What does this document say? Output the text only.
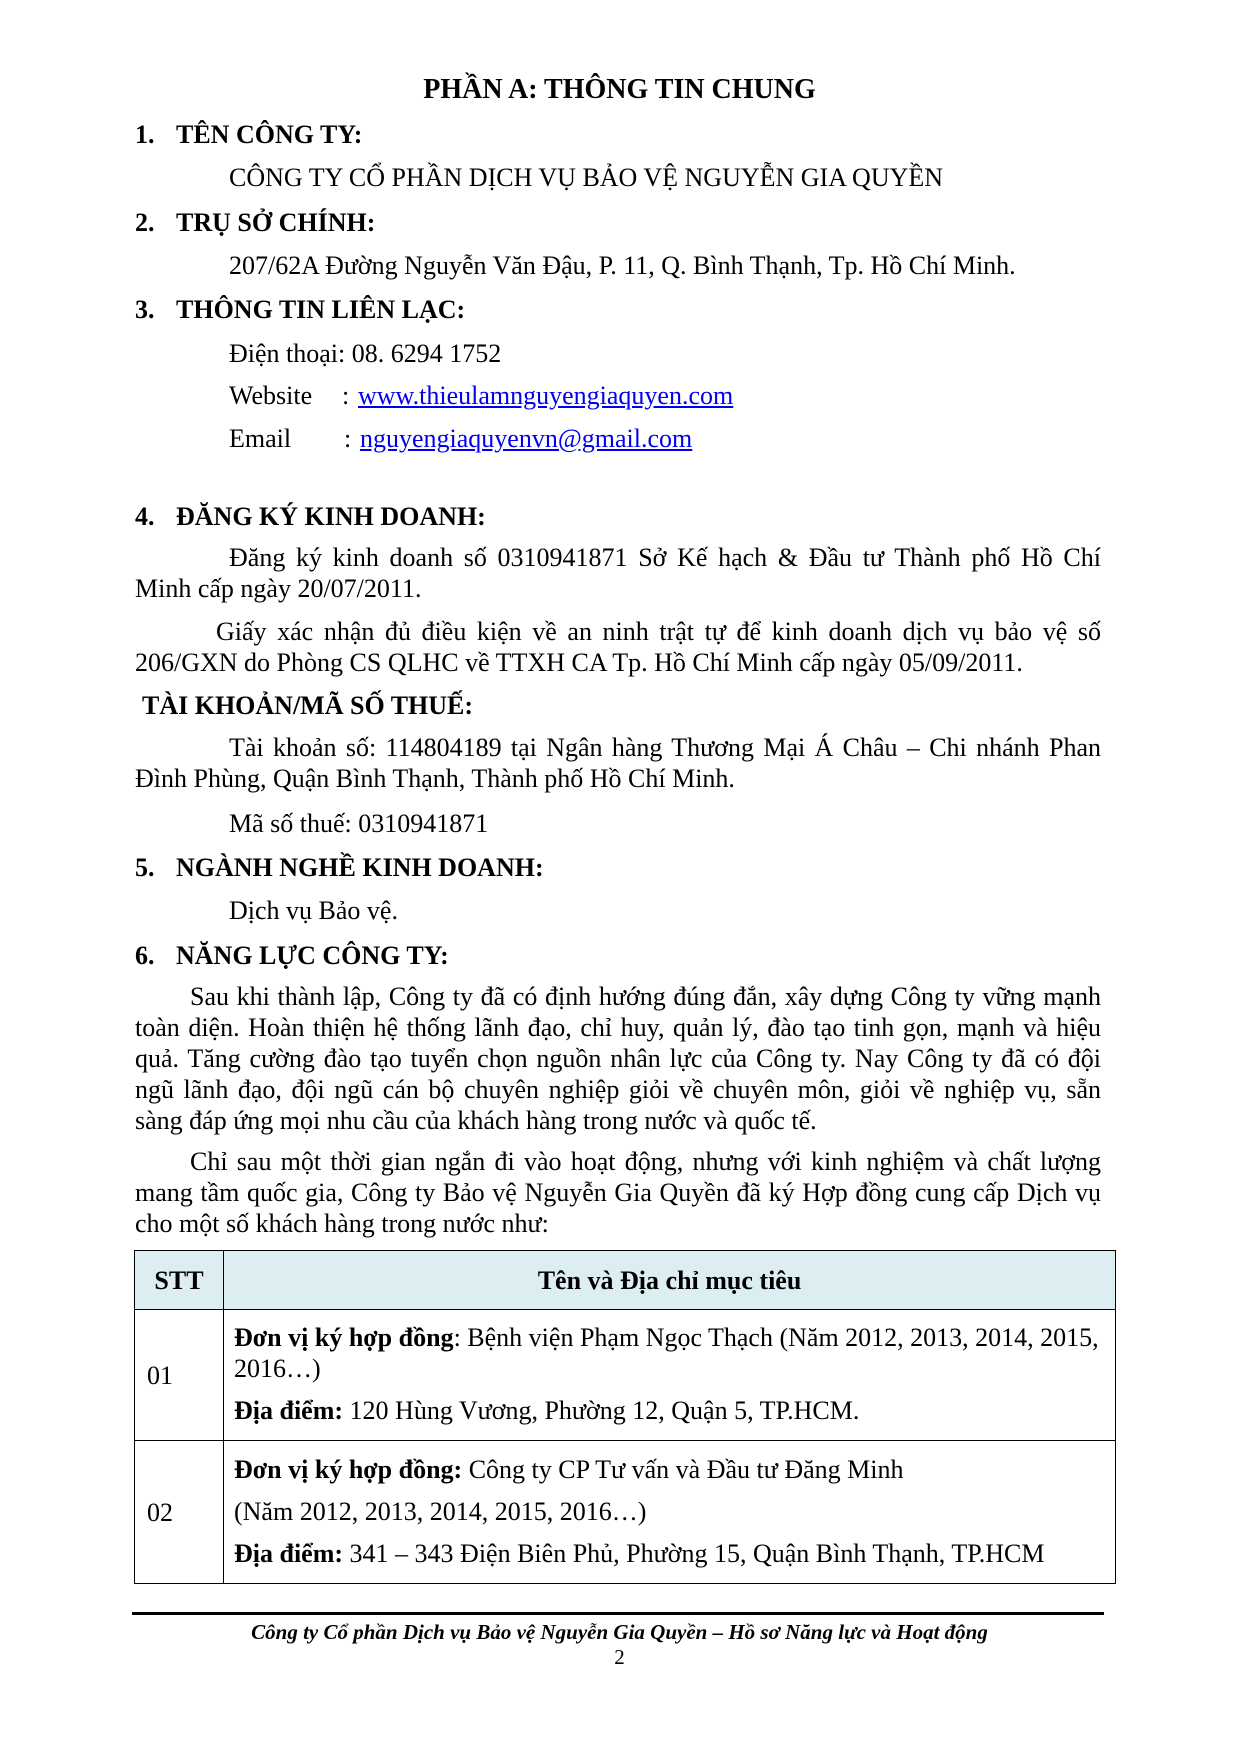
PHẦN A: THÔNG TIN CHUNG
1. TÊN CÔNG TY:
CÔNG TY CỔ PHẦN DỊCH VỤ BẢO VỆ NGUYỄN GIA QUYỀN
2. TRỤ SỞ CHÍNH:
207/62A Đường Nguyễn Văn Đậu, P. 11, Q. Bình Thạnh, Tp. Hồ Chí Minh.
3. THÔNG TIN LIÊN LẠC:
Điện thoại: 08. 6294 1752
Website : www.thieulamnguyengiaquyen.com
Email : nguyengiaquyenvn@gmail.com
4. ĐĂNG KÝ KINH DOANH:
Đăng ký kinh doanh số 0310941871 Sở Kế hạch & Đầu tư Thành phố Hồ Chí Minh cấp ngày 20/07/2011.
Giấy xác nhận đủ điều kiện về an ninh trật tự để kinh doanh dịch vụ bảo vệ số 206/GXN do Phòng CS QLHC về TTXH CA Tp. Hồ Chí Minh cấp ngày 05/09/2011.
TÀI KHOẢN/MÃ SỐ THUẾ:
Tài khoản số: 114804189 tại Ngân hàng Thương Mại Á Châu – Chi nhánh Phan Đình Phùng, Quận Bình Thạnh, Thành phố Hồ Chí Minh.
Mã số thuế: 0310941871
5. NGÀNH NGHỀ KINH DOANH:
Dịch vụ Bảo vệ.
6. NĂNG LỰC CÔNG TY:
Sau khi thành lập, Công ty đã có định hướng đúng đắn, xây dựng Công ty vững mạnh toàn diện. Hoàn thiện hệ thống lãnh đạo, chỉ huy, quản lý, đào tạo tinh gọn, mạnh và hiệu quả. Tăng cường đào tạo tuyển chọn nguồn nhân lực của Công ty. Nay Công ty đã có đội ngũ lãnh đạo, đội ngũ cán bộ chuyên nghiệp giỏi về chuyên môn, giỏi về nghiệp vụ, sẵn sàng đáp ứng mọi nhu cầu của khách hàng trong nước và quốc tế.
Chỉ sau một thời gian ngắn đi vào hoạt động, nhưng với kinh nghiệm và chất lượng mang tầm quốc gia, Công ty Bảo vệ Nguyễn Gia Quyền đã ký Hợp đồng cung cấp Dịch vụ cho một số khách hàng trong nước như:
STT	Tên và Địa chỉ mục tiêu
01	Đơn vị ký hợp đồng: Bệnh viện Phạm Ngọc Thạch (Năm 2012, 2013, 2014, 2015, 2016…)

Địa điểm: 120 Hùng Vương, Phường 12, Quận 5, TP.HCM.

02	Đơn vị ký hợp đồng: Công ty CP Tư vấn và Đầu tư Đăng Minh

(Năm 2012, 2013, 2014, 2015, 2016…)

Địa điểm: 341 – 343 Điện Biên Phủ, Phường 15, Quận Bình Thạnh, TP.HCM

Công ty Cổ phần Dịch vụ Bảo vệ Nguyễn Gia Quyền – Hồ sơ Năng lực và Hoạt động
2
